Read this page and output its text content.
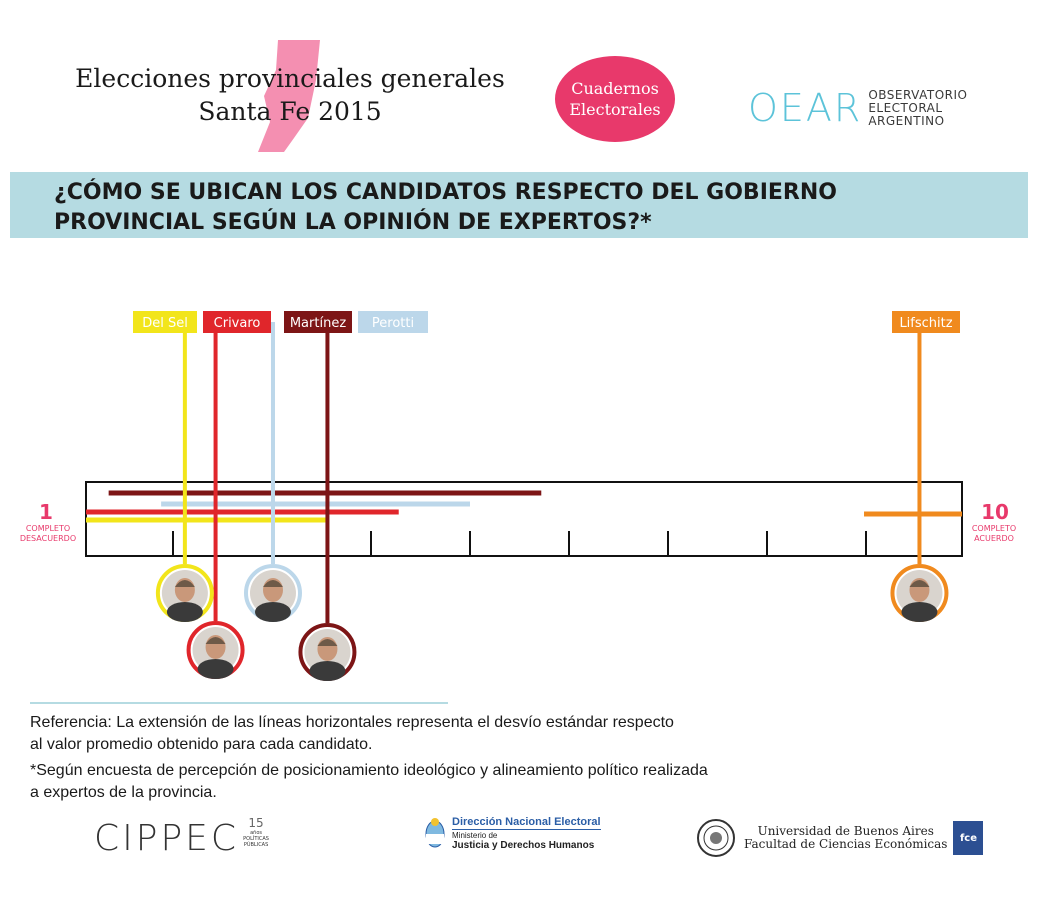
Elecciones provinciales generales
Santa Fe 2015
Cuadernos
Electorales OEAR OBSERVATORIO
ELECTORAL
ARGENTINO
¿CÓMO SE UBICAN LOS CANDIDATOS RESPECTO DEL GOBIERNO
PROVINCIAL SEGÚN LA OPINIÓN DE EXPERTOS?*
Del Sel Crivaro Martínez Perotti	Lifschitz
1
COMPLETO
DESACUERDO
10
COMPLETO
ACUERDO

Referencia: La extensión de las líneas horizontales representa el desvío estándar respecto
al valor promedio obtenido para cada candidato.

*Según encuesta de percepción de posicionamiento ideológico y alineamiento político realizada
a expertos de la provincia.

CIPPEC 15
años
POLÍTICAS
PÚBLICAS
Dirección Nacional Electoral
Ministerio de
Justicia y Derechos Humanos
Universidad de Buenos Aires
Facultad de Ciencias Económicas	fce
